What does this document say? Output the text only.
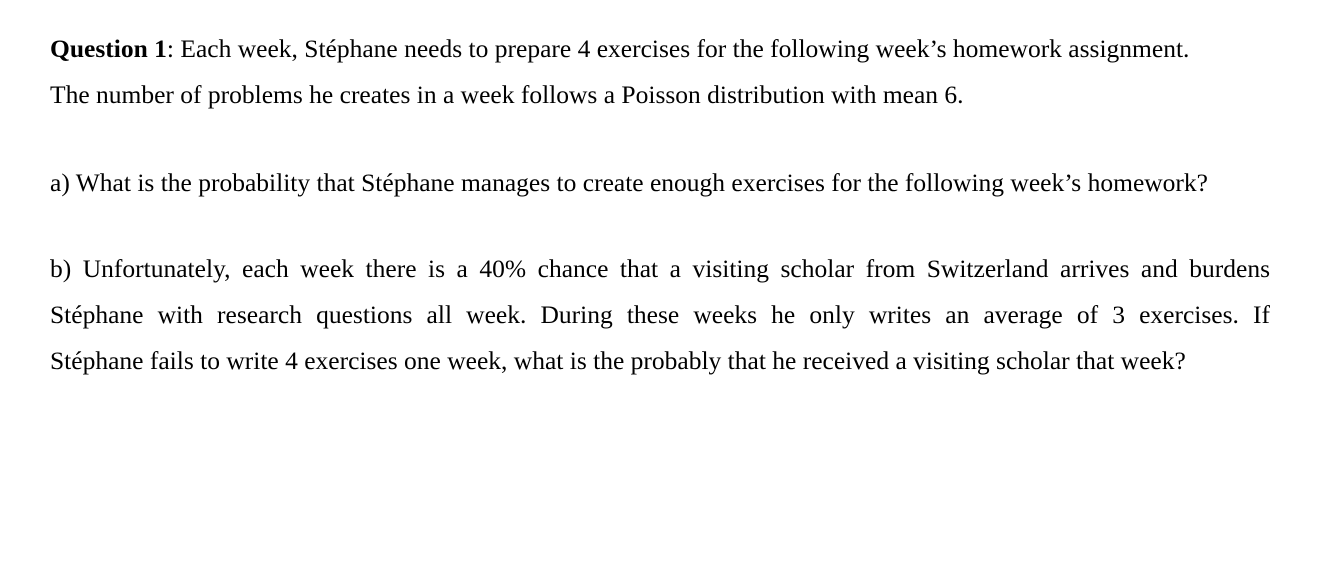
Question 1: Each week, Stéphane needs to prepare 4 exercises for the following week’s homework assignment.
The number of problems he creates in a week follows a Poisson distribution with mean 6.

a) What is the probability that Stéphane manages to create enough exercises for the following week’s homework?

b) Unfortunately, each week there is a 40% chance that a visiting scholar from Switzerland arrives and burdens
Stéphane with research questions all week. During these weeks he only writes an average of 3 exercises. If
Stéphane fails to write 4 exercises one week, what is the probably that he received a visiting scholar that week?
